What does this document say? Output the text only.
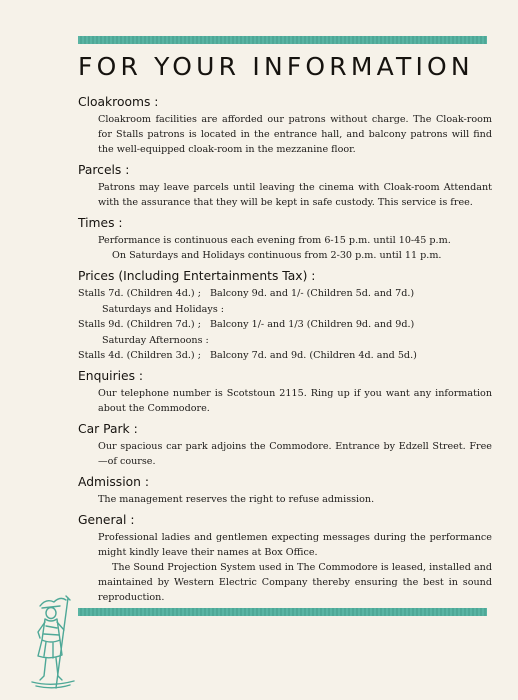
FOR YOUR INFORMATION
Cloakrooms :

Cloakroom facilities are afforded our patrons without charge. The Cloak-room for Stalls patrons is located in the entrance hall, and balcony patrons will find the well-equipped cloak-room in the mezzanine floor.

Parcels :

Patrons may leave parcels until leaving the cinema with Cloak-room Attendant with the assurance that they will be kept in safe custody. This service is free.

Times :

Performance is continuous each evening from 6-15 p.m. until 10-45 p.m.

On Saturdays and Holidays continuous from 2-30 p.m. until 11 p.m.

Prices (Including Entertainments Tax) :

Stalls 7d. (Children 4d.) ; Balcony 9d. and 1/- (Children 5d. and 7d.)

Saturdays and Holidays :

Stalls 9d. (Children 7d.) ; Balcony 1/- and 1/3 (Children 9d. and 9d.)

Saturday Afternoons :

Stalls 4d. (Children 3d.) ; Balcony 7d. and 9d. (Children 4d. and 5d.)

Enquiries :

Our telephone number is Scotstoun 2115. Ring up if you want any information about the Commodore.

Car Park :

Our spacious car park adjoins the Commodore. Entrance by Edzell Street. Free—of course.

Admission :

The management reserves the right to refuse admission.

General :

Professional ladies and gentlemen expecting messages during the performance might kindly leave their names at Box Office.

The Sound Projection System used in The Commodore is leased, installed and maintained by Western Electric Company thereby ensuring the best in sound reproduction.
